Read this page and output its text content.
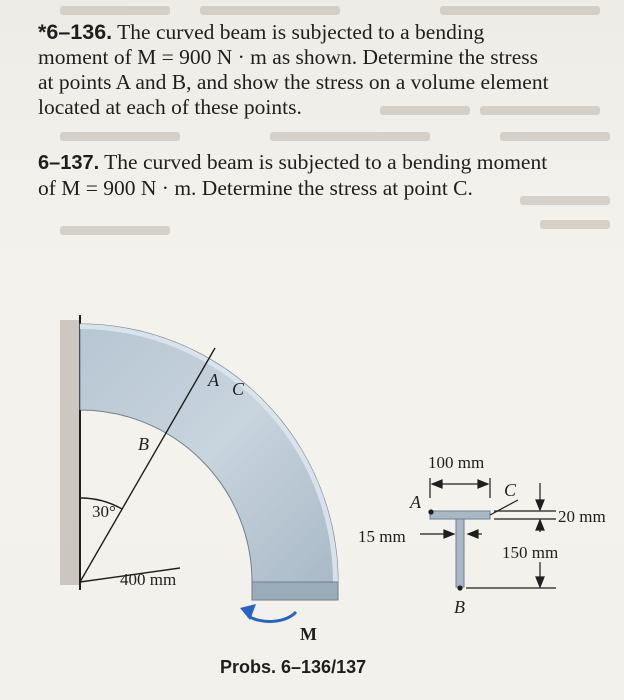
*6–136. The curved beam is subjected to a bending
moment of M = 900 N · m as shown. Determine the stress
at points A and B, and show the stress on a volume element
located at each of these points.
6–137. The curved beam is subjected to a bending moment
of M = 900 N · m. Determine the stress at point C.
A C
B
30°
400 mm
15 mm
M
A
C
B
100 mm
20 mm
150 mm
Probs. 6–136/137
